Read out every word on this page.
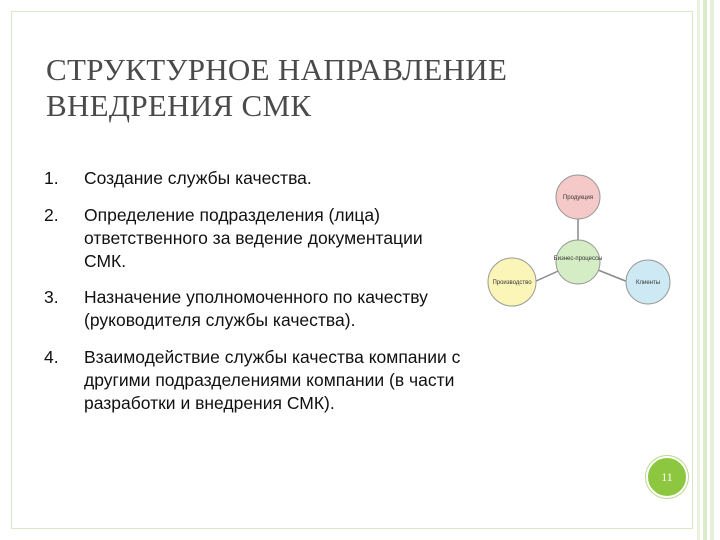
СТРУКТУРНОЕ НАПРАВЛЕНИЕ
ВНЕДРЕНИЯ СМК
1. Создание службы качества.
2. Определение подразделения (лица) ответственного за ведение документации СМК.
3. Назначение уполномоченного по качеству (руководителя службы качества).
4. Взаимодействие службы качества компании с другими подразделениями компании (в части разработки и внедрения СМК).
Продукция
Бизнес-процессы
Производство	Клиенты
11
